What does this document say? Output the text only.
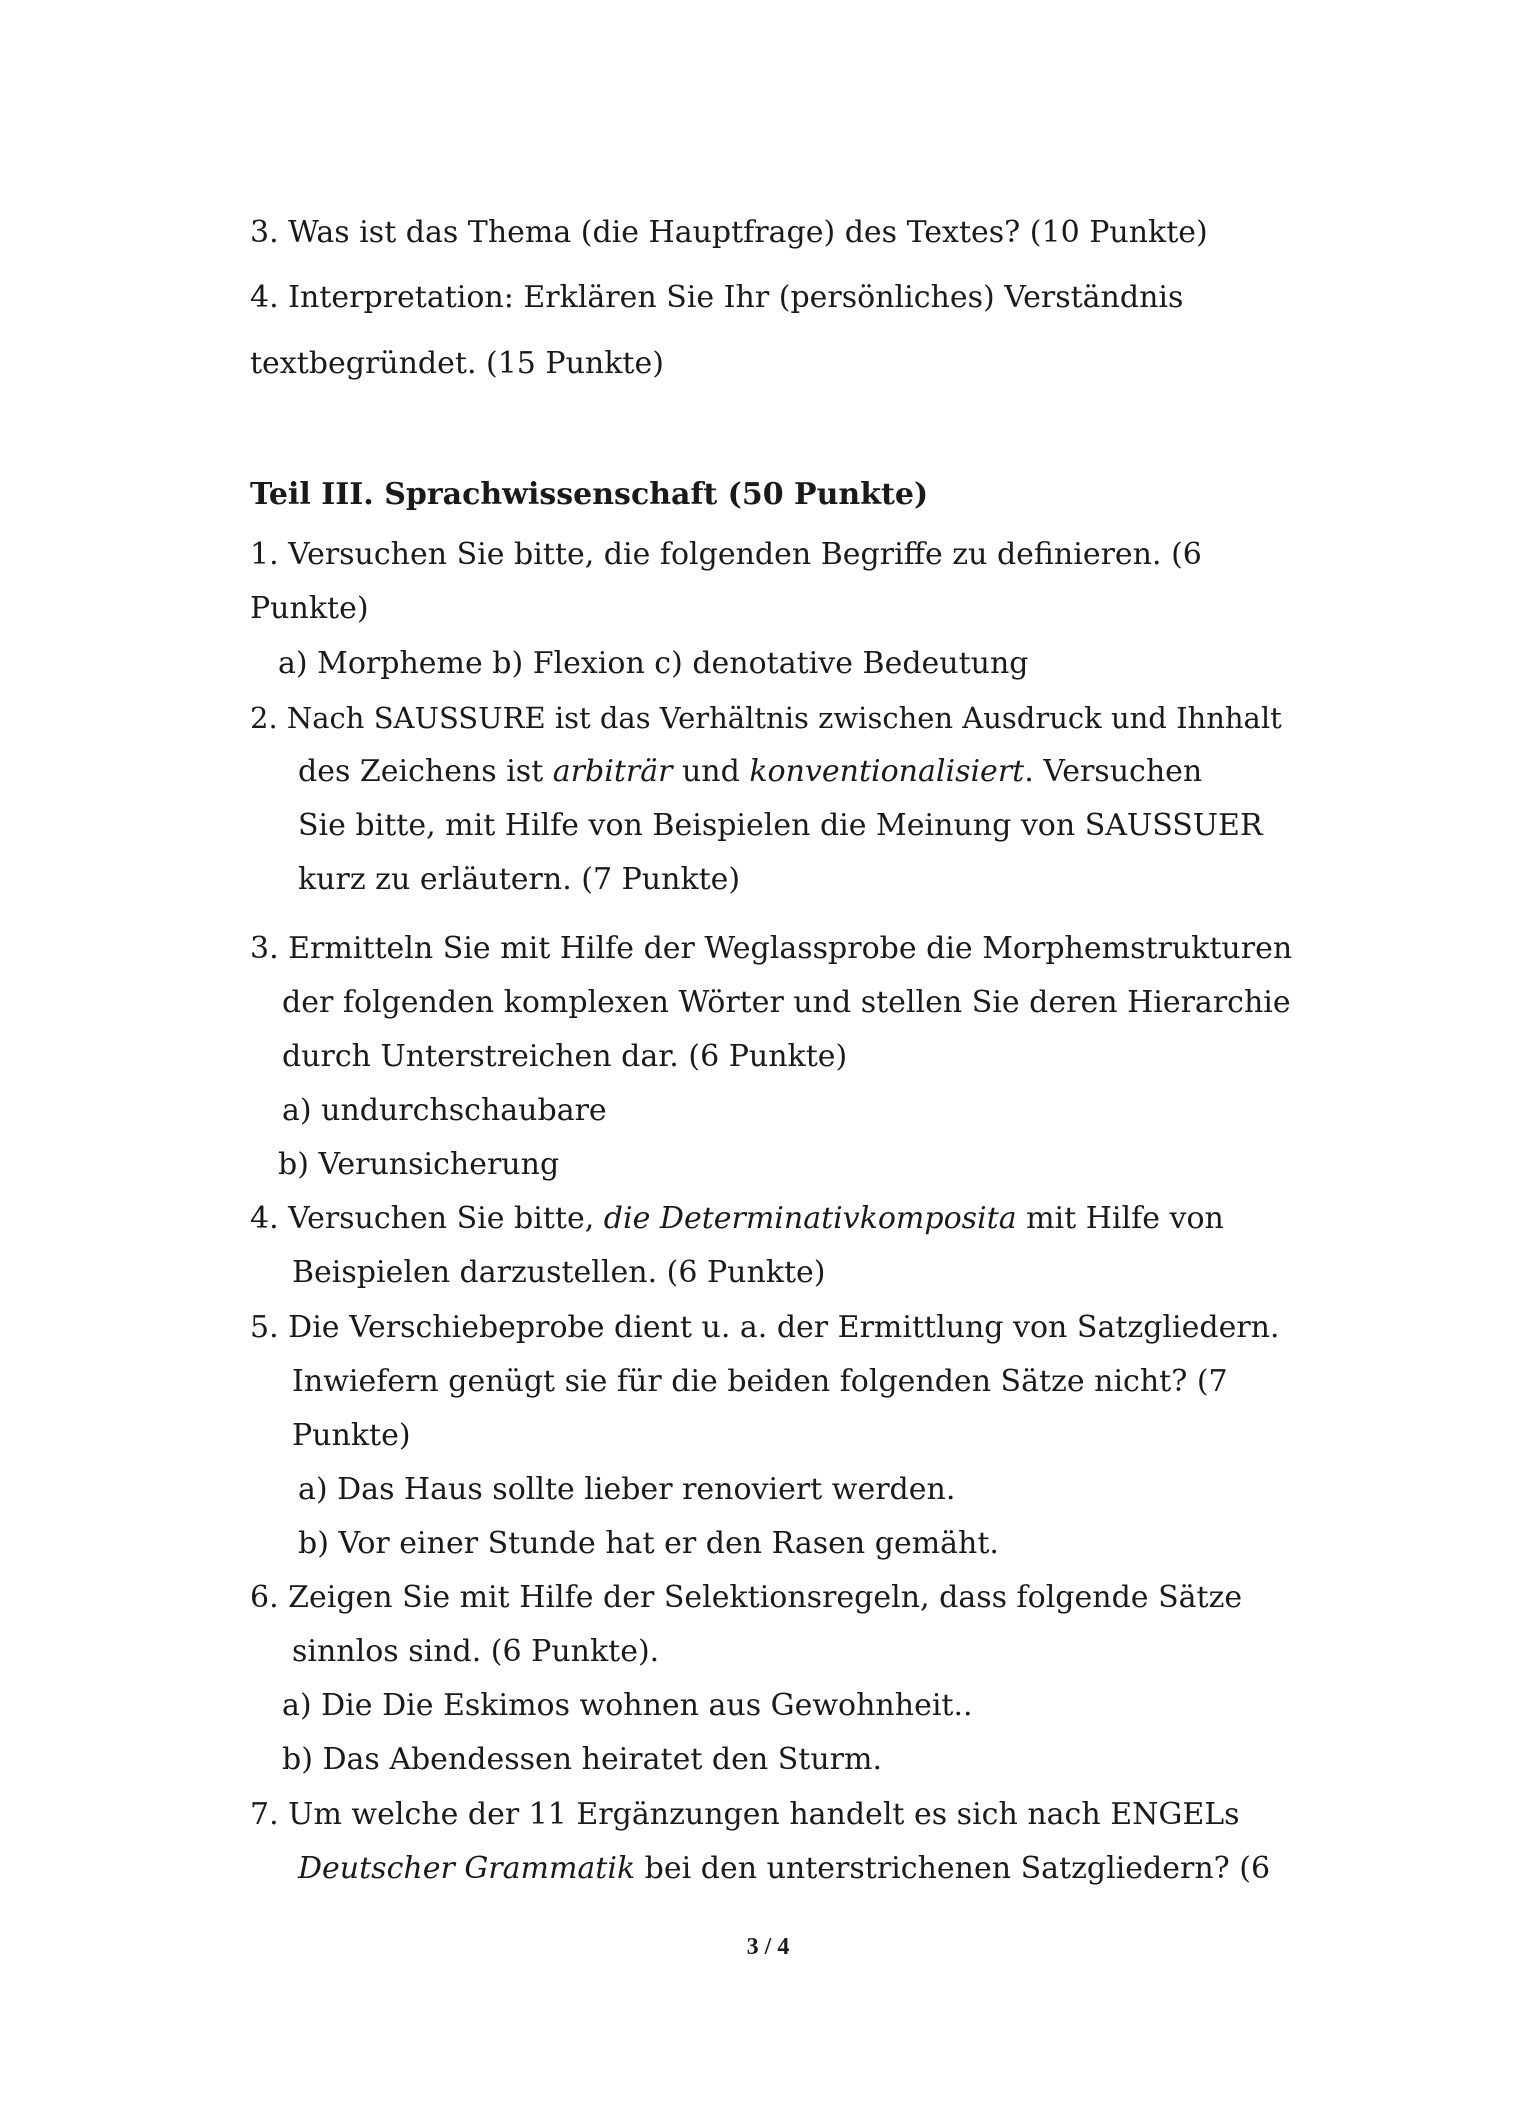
3. Was ist das Thema (die Hauptfrage) des Textes? (10 Punkte)
4. Interpretation: Erklären Sie Ihr (persönliches) Verständnis
textbegründet. (15 Punkte)
Teil III. Sprachwissenschaft (50 Punkte)
1. Versuchen Sie bitte, die folgenden Begriffe zu definieren. (6
Punkte)
a) Morpheme b) Flexion c) denotative Bedeutung
2. Nach SAUSSURE ist das Verhältnis zwischen Ausdruck und Ihnhalt
des Zeichens ist arbiträr und konventionalisiert. Versuchen
Sie bitte, mit Hilfe von Beispielen die Meinung von SAUSSUER
kurz zu erläutern. (7 Punkte)
3. Ermitteln Sie mit Hilfe der Weglassprobe die Morphemstrukturen
der folgenden komplexen Wörter und stellen Sie deren Hierarchie
durch Unterstreichen dar. (6 Punkte)
a) undurchschaubare
b) Verunsicherung
4. Versuchen Sie bitte, die Determinativkomposita mit Hilfe von
Beispielen darzustellen. (6 Punkte)
5. Die Verschiebeprobe dient u. a. der Ermittlung von Satzgliedern.
Inwiefern genügt sie für die beiden folgenden Sätze nicht? (7
Punkte)
a) Das Haus sollte lieber renoviert werden.
b) Vor einer Stunde hat er den Rasen gemäht.
6. Zeigen Sie mit Hilfe der Selektionsregeln, dass folgende Sätze
sinnlos sind. (6 Punkte).
a) Die Die Eskimos wohnen aus Gewohnheit..
b) Das Abendessen heiratet den Sturm.
7. Um welche der 11 Ergänzungen handelt es sich nach ENGELs
Deutscher Grammatik bei den unterstrichenen Satzgliedern? (6
3 / 4
